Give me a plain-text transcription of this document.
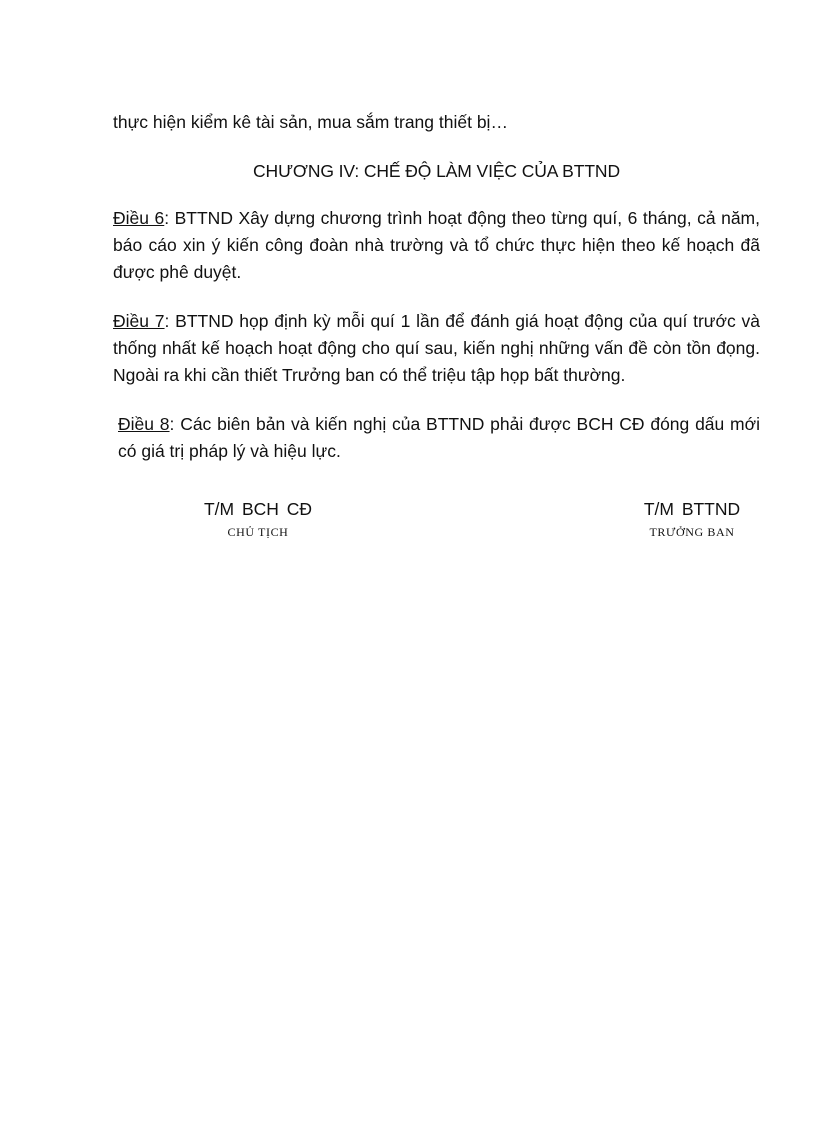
thực hiện kiểm kê tài sản, mua sắm trang thiết bị…

CHƯƠNG IV: CHẾ ĐỘ LÀM VIỆC CỦA BTTND

Điều 6: BTTND Xây dựng chương trình hoạt động theo từng quí, 6 tháng, cả năm, báo cáo xin ý kiến công đoàn nhà trường và tổ chức thực hiện theo kế hoạch đã được phê duyệt.

Điều 7: BTTND họp định kỳ mỗi quí 1 lần để đánh giá hoạt động của quí trước và thống nhất kế hoạch hoạt động cho quí sau, kiến nghị những vấn đề còn tồn đọng. Ngoài ra khi cần thiết Trưởng ban có thể triệu tập họp bất thường.

Điều 8: Các biên bản và kiến nghị của BTTND phải được BCH CĐ đóng dấu mới có giá trị pháp lý và hiệu lực.

T/M BCH CĐ
CHỦ TỊCH
T/M BTTND
TRƯỞNG BAN
